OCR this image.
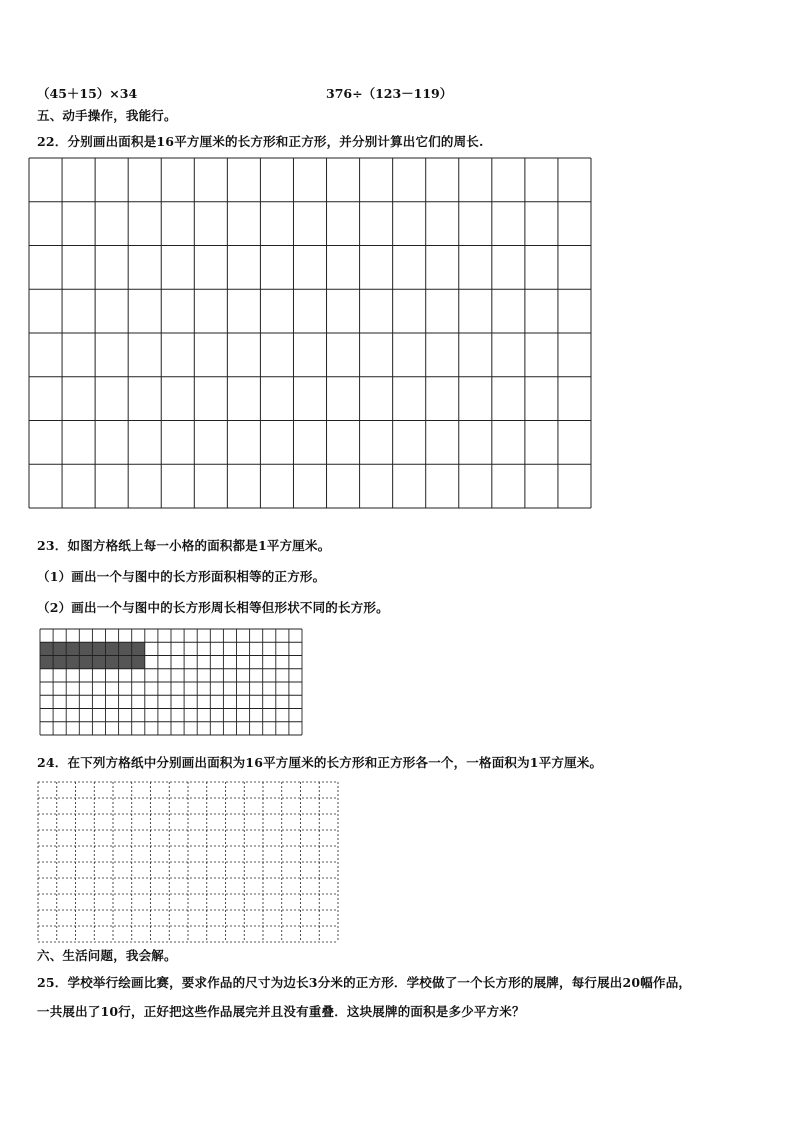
（45＋15）×34	376÷（123－119）
五、动手操作，我能行。
22．分别画出面积是16平方厘米的长方形和正方形，并分别计算出它们的周长.
23．如图方格纸上每一小格的面积都是1平方厘米。
（1）画出一个与图中的长方形面积相等的正方形。
（2）画出一个与图中的长方形周长相等但形状不同的长方形。
24．在下列方格纸中分别画出面积为16平方厘米的长方形和正方形各一个，一格面积为1平方厘米。
六、生活问题，我会解。
25．学校举行绘画比赛，要求作品的尺寸为边长3分米的正方形．学校做了一个长方形的展牌，每行展出20幅作品，
一共展出了10行，正好把这些作品展完并且没有重叠．这块展牌的面积是多少平方米？
